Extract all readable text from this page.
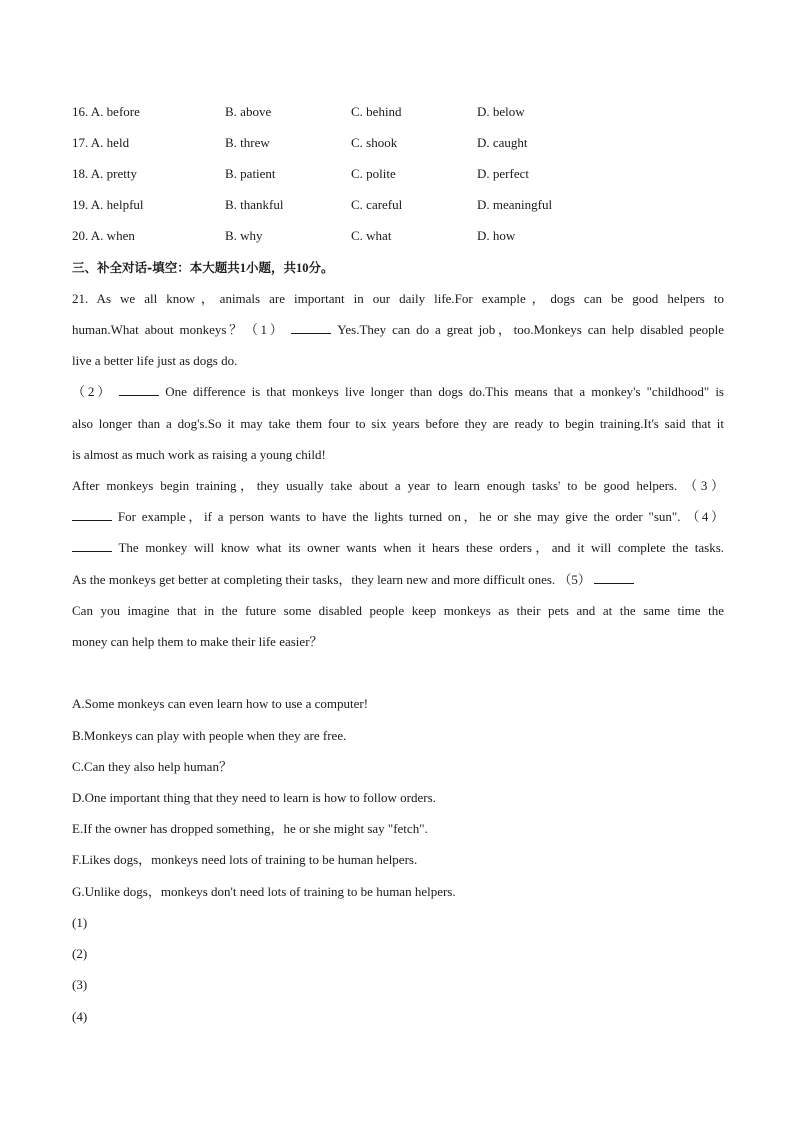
16. A. before	B. above	C. behind	D. below
17. A. held	B. threw	C. shook	D. caught
18. A. pretty	B. patient	C. polite	D. perfect
19. A. helpful	B. thankful	C. careful	D. meaningful
20. A. when	B. why	C. what	D. how
三、补全对话-填空：本大题共1小题，共10分。
21. As we all know，animals are important in our daily life.For example，dogs can be good helpers to
human.What about monkeys？（1）	Yes.They can do a great job，too.Monkeys can help disabled people
live a better life just as dogs do.
（2）	One difference is that monkeys live longer than dogs do.This means that a monkey's "childhood" is
also longer than a dog's.So it may take them four to six years before they are ready to begin training.It's said that it
is almost as much work as raising a young child!
After monkeys begin training，they usually take about a year to learn enough tasks' to be good helpers. （3）
For example，if a person wants to have the lights turned on，he or she may give the order "sun". （4）
The monkey will know what its owner wants when it hears these orders，and it will complete the tasks.
As the monkeys get better at completing their tasks，they learn new and more difficult ones. （5）
Can you imagine that in the future some disabled people keep monkeys as their pets and at the same time the
money can help them to make their life easier？
A.Some monkeys can even learn how to use a computer!
B.Monkeys can play with people when they are free.
C.Can they also help human？
D.One important thing that they need to learn is how to follow orders.
E.If the owner has dropped something，he or she might say "fetch".
F.Likes dogs，monkeys need lots of training to be human helpers.
G.Unlike dogs，monkeys don't need lots of training to be human helpers.
(1)
(2)
(3)
(4)
